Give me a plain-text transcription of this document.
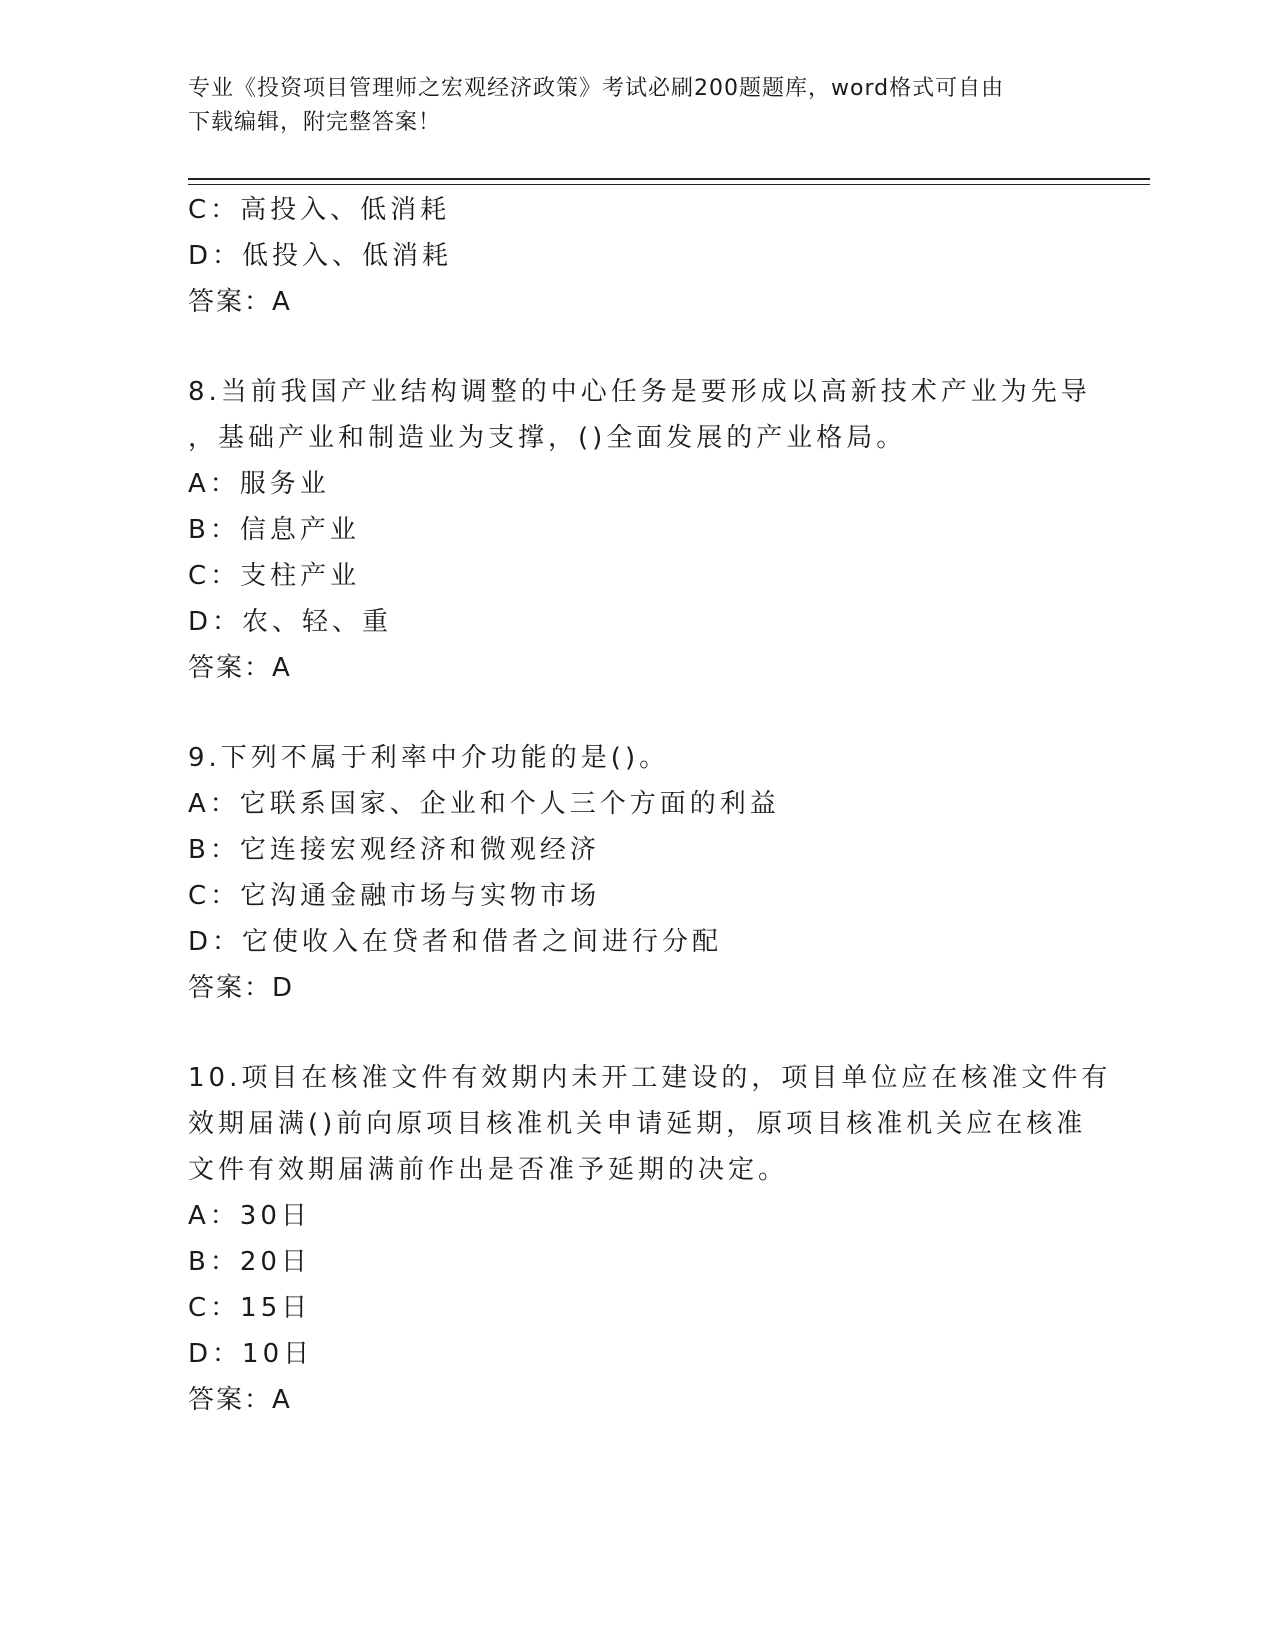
专业《投资项目管理师之宏观经济政策》考试必刷200题题库，word格式可自由
下载编辑，附完整答案！
C：高投入、低消耗
D：低投入、低消耗
答案：A
8.当前我国产业结构调整的中心任务是要形成以高新技术产业为先导
，基础产业和制造业为支撑，()全面发展的产业格局。
A：服务业
B：信息产业
C：支柱产业
D：农、轻、重
答案：A
9.下列不属于利率中介功能的是()。
A：它联系国家、企业和个人三个方面的利益
B：它连接宏观经济和微观经济
C：它沟通金融市场与实物市场
D：它使收入在贷者和借者之间进行分配
答案：D
10.项目在核准文件有效期内未开工建设的，项目单位应在核准文件有
效期届满()前向原项目核准机关申请延期，原项目核准机关应在核准
文件有效期届满前作出是否准予延期的决定。
A：30日
B：20日
C：15日
D：10日
答案：A
